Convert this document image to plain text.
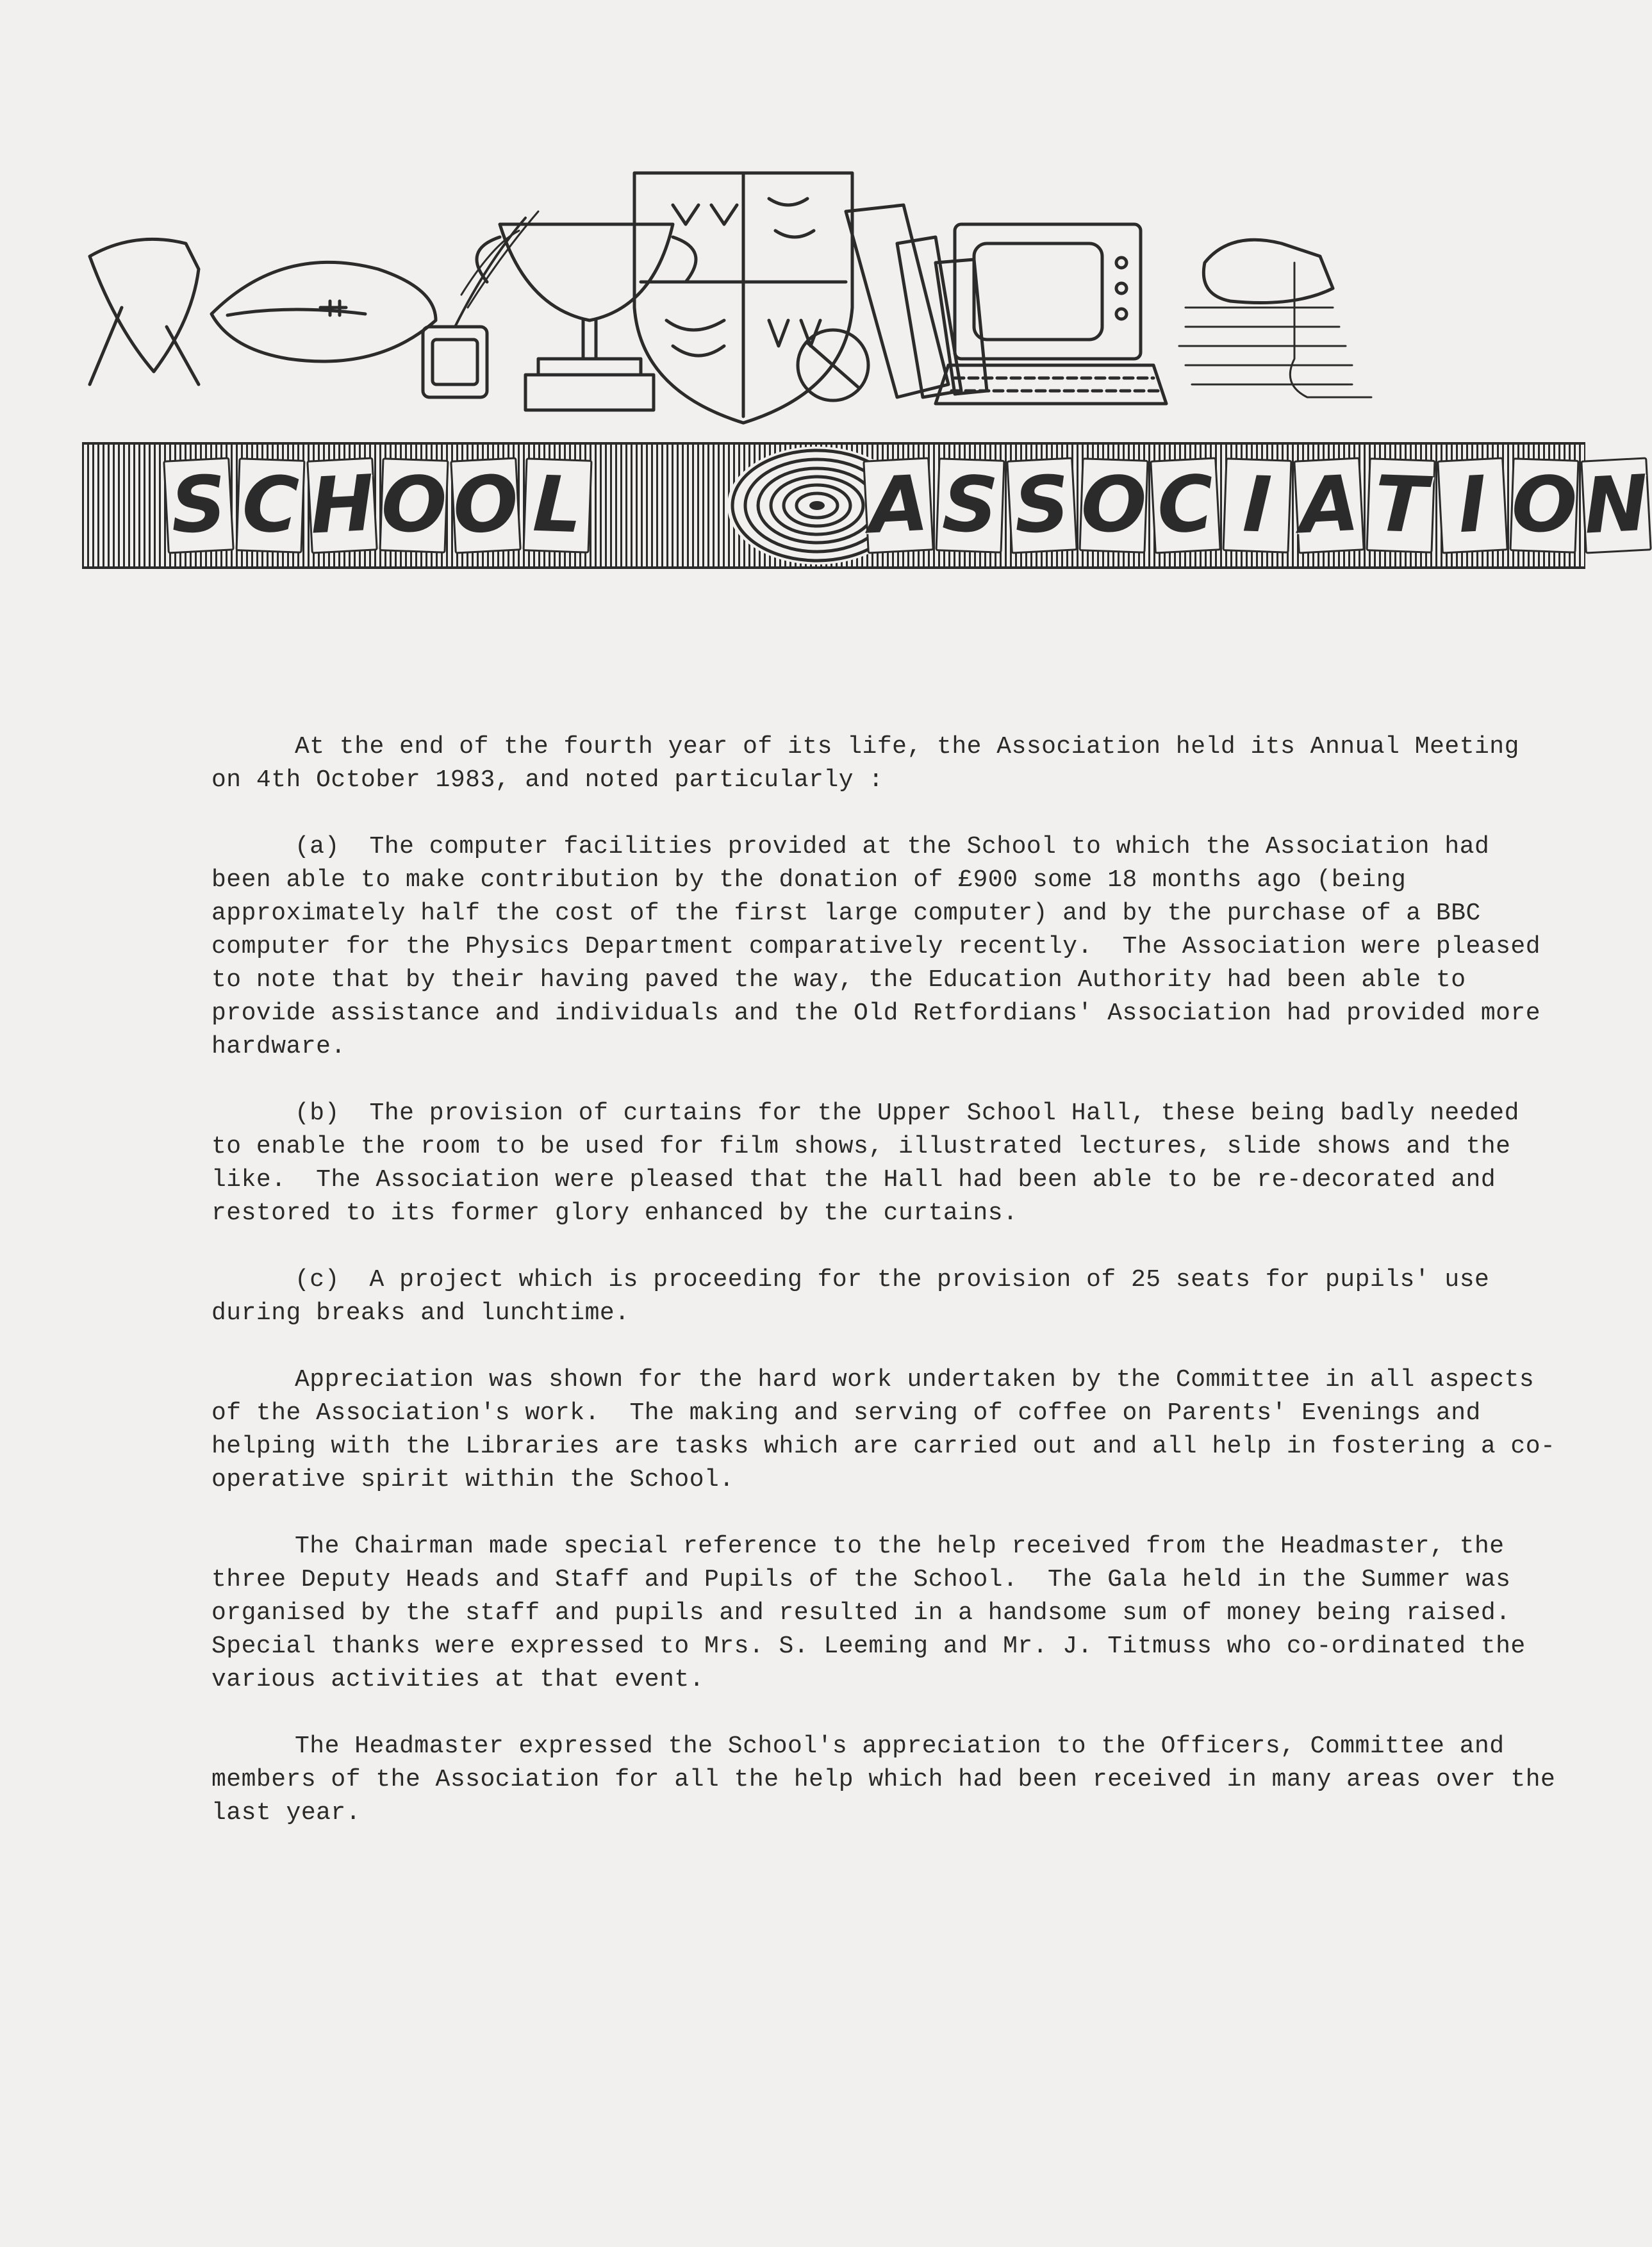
S C H O O L	A S S O C I A T I O N

At the end of the fourth year of its life, the Association held its Annual Meeting on 4th October 1983, and noted particularly :

(a)  The computer facilities provided at the School to which the Association had been able to make contribution by the donation of £900 some 18 months ago (being approximately half the cost of the first large computer) and by the purchase of a BBC computer for the Physics Department comparatively recently.  The Association were pleased to note that by their having paved the way, the Education Authority had been able to provide assistance and individuals and the Old Retfordians' Association had provided more hardware.

(b)  The provision of curtains for the Upper School Hall, these being badly needed to enable the room to be used for film shows, illustrated lectures, slide shows and the like.  The Association were pleased that the Hall had been able to be re-decorated and restored to its former glory enhanced by the curtains.

(c)  A project which is proceeding for the provision of 25 seats for pupils' use during breaks and lunchtime.

Appreciation was shown for the hard work undertaken by the Committee in all aspects of the Association's work.  The making and serving of coffee on Parents' Evenings and helping with the Libraries are tasks which are carried out and all help in fostering a co-operative spirit within the School.

The Chairman made special reference to the help received from the Headmaster, the three Deputy Heads and Staff and Pupils of the School.  The Gala held in the Summer was organised by the staff and pupils and resulted in a handsome sum of money being raised.  Special thanks were expressed to Mrs. S. Leeming and Mr. J. Titmuss who co-ordinated the various activities at that event.

The Headmaster expressed the School's appreciation to the Officers, Committee and members of the Association for all the help which had been received in many areas over the last year.
